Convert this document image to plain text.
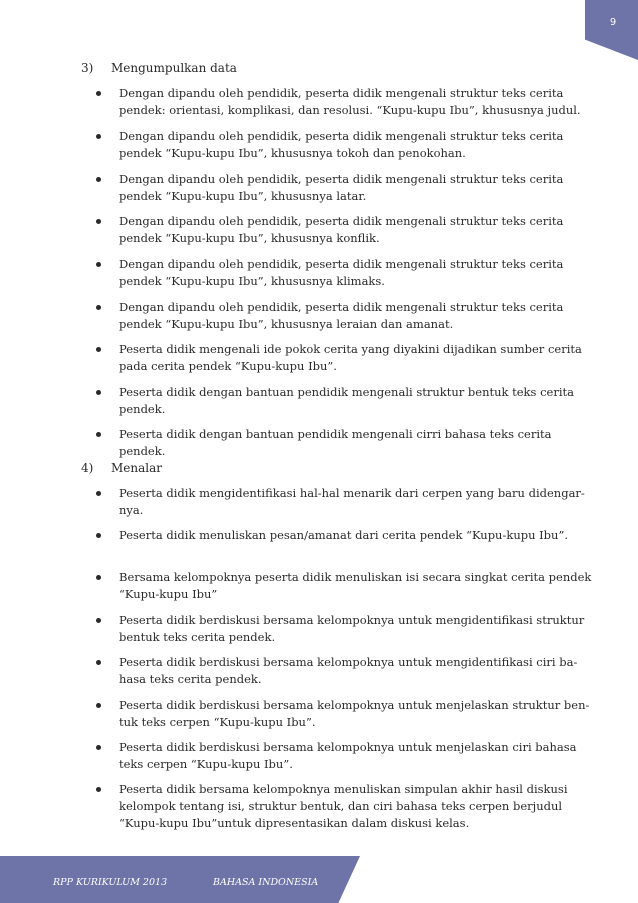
9
3) Mengumpulkan data
Dengan dipandu oleh pendidik, peserta didik mengenali struktur teks cerita
pendek: orientasi, komplikasi, dan resolusi. “Kupu-kupu Ibu”, khususnya judul.
Dengan dipandu oleh pendidik, peserta didik mengenali struktur teks cerita
pendek “Kupu-kupu Ibu”, khususnya tokoh dan penokohan.
Dengan dipandu oleh pendidik, peserta didik mengenali struktur teks cerita
pendek “Kupu-kupu Ibu”, khususnya latar.
Dengan dipandu oleh pendidik, peserta didik mengenali struktur teks cerita
pendek “Kupu-kupu Ibu”, khususnya konflik.
Dengan dipandu oleh pendidik, peserta didik mengenali struktur teks cerita
pendek “Kupu-kupu Ibu”, khususnya klimaks.
Dengan dipandu oleh pendidik, peserta didik mengenali struktur teks cerita
pendek “Kupu-kupu Ibu”, khususnya leraian dan amanat.
Peserta didik mengenali ide pokok cerita yang diyakini dijadikan sumber cerita
pada cerita pendek “Kupu-kupu Ibu”.
Peserta didik dengan bantuan pendidik mengenali struktur bentuk teks cerita
pendek.
Peserta didik dengan bantuan pendidik mengenali cirri bahasa teks cerita
pendek.
4) Menalar
Peserta didik mengidentifikasi hal-hal menarik dari cerpen yang baru didengar-
nya.
Peserta didik menuliskan pesan/amanat dari cerita pendek “Kupu-kupu Ibu”.
Bersama kelompoknya peserta didik menuliskan isi secara singkat cerita pendek
“Kupu-kupu Ibu”
Peserta didik berdiskusi bersama kelompoknya untuk mengidentifikasi struktur
bentuk teks cerita pendek.
Peserta didik berdiskusi bersama kelompoknya untuk mengidentifikasi ciri ba-
hasa teks cerita pendek.
Peserta didik berdiskusi bersama kelompoknya untuk menjelaskan struktur ben-
tuk teks cerpen “Kupu-kupu Ibu”.
Peserta didik berdiskusi bersama kelompoknya untuk menjelaskan ciri bahasa
teks cerpen “Kupu-kupu Ibu”.
Peserta didik bersama kelompoknya menuliskan simpulan akhir hasil diskusi
kelompok tentang isi, struktur bentuk, dan ciri bahasa teks cerpen berjudul
“Kupu-kupu Ibu”untuk dipresentasikan dalam diskusi kelas.
RPP KURIKULUM 2013	BAHASA INDONESIA
